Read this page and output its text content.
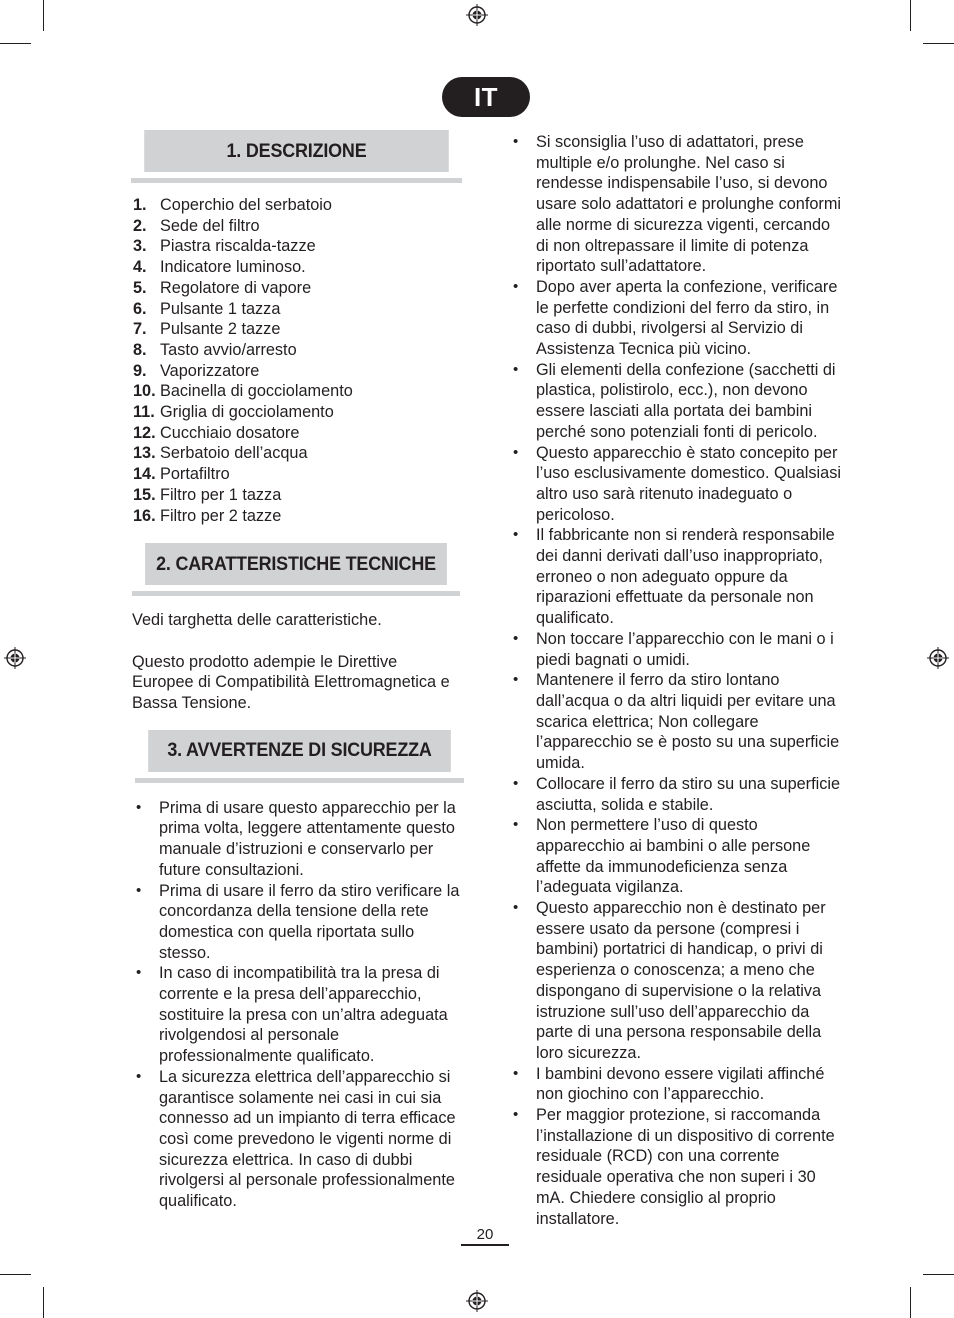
IT
1. DESCRIZIONE
1. Coperchio del serbatoio
2. Sede del filtro
3. Piastra riscalda-tazze
4. Indicatore luminoso.
5. Regolatore di vapore
6. Pulsante 1 tazza
7. Pulsante 2 tazze
8. Tasto avvio/arresto
9. Vaporizzatore
10. Bacinella di gocciolamento
11. Griglia di gocciolamento
12. Cucchiaio dosatore
13. Serbatoio dell’acqua
14. Portafiltro
15. Filtro per 1 tazza
16. Filtro per 2 tazze
2. CARATTERISTICHE TECNICHE

Vedi targhetta delle caratteristiche.

Questo prodotto adempie le Direttive Europee di Compatibilità Elettromagnetica e Bassa Tensione.

3. AVVERTENZE DI SICUREZZA
• Prima di usare questo apparecchio per la prima volta, leggere attentamente questo manuale d’istruzioni e conservarlo per future consultazioni.
• Prima di usare il ferro da stiro verificare la concordanza della tensione della rete domestica con quella riportata sullo stesso.
• In caso di incompatibilità tra la presa di corrente e la presa dell’apparecchio, sostituire la presa con un’altra adeguata rivolgendosi al personale professionalmente qualificato.
• La sicurezza elettrica dell’apparecchio si garantisce solamente nei casi in cui sia connesso ad un impianto di terra efficace così come prevedono le vigenti norme di sicurezza elettrica. In caso di dubbi rivolgersi al personale professionalmente qualificato.
• Si sconsiglia l’uso di adattatori, prese multiple e/o prolunghe. Nel caso si rendesse indispensabile l’uso, si devono usare solo adattatori e prolunghe conformi alle norme di sicurezza vigenti, cercando di non oltrepassare il limite di potenza riportato sull’adattatore.
• Dopo aver aperta la confezione, verificare le perfette condizioni del ferro da stiro, in caso di dubbi, rivolgersi al Servizio di Assistenza Tecnica più vicino.
• Gli elementi della confezione (sacchetti di plastica, polistirolo, ecc.), non devono essere lasciati alla portata dei bambini perché sono potenziali fonti di pericolo.
• Questo apparecchio è stato concepito per l’uso esclusivamente domestico. Qualsiasi altro uso sarà ritenuto inadeguato o pericoloso.
• Il fabbricante non si renderà responsabile dei danni derivati dall’uso inappropriato, erroneo o non adeguato oppure da riparazioni effettuate da personale non qualificato.
• Non toccare l’apparecchio con le mani o i piedi bagnati o umidi.
• Mantenere il ferro da stiro lontano dall’acqua o da altri liquidi per evitare una scarica elettrica; Non collegare l’apparecchio se è posto su una superficie umida.
• Collocare il ferro da stiro su una superficie asciutta, solida e stabile.
• Non permettere l’uso di questo apparecchio ai bambini o alle persone affette da immunodeficienza senza l’adeguata vigilanza.
• Questo apparecchio non è destinato per essere usato da persone (compresi i bambini) portatrici di handicap, o privi di esperienza o conoscenza; a meno che dispongano di supervisione o la relativa istruzione sull’uso dell’apparecchio da parte di una persona responsabile della loro sicurezza.
• I bambini devono essere vigilati affinché non giochino con l’apparecchio.
• Per maggior protezione, si raccomanda l’installazione di un dispositivo di corrente residuale (RCD) con una corrente residuale operativa che non superi i 30 mA. Chiedere consiglio al proprio installatore.
20
